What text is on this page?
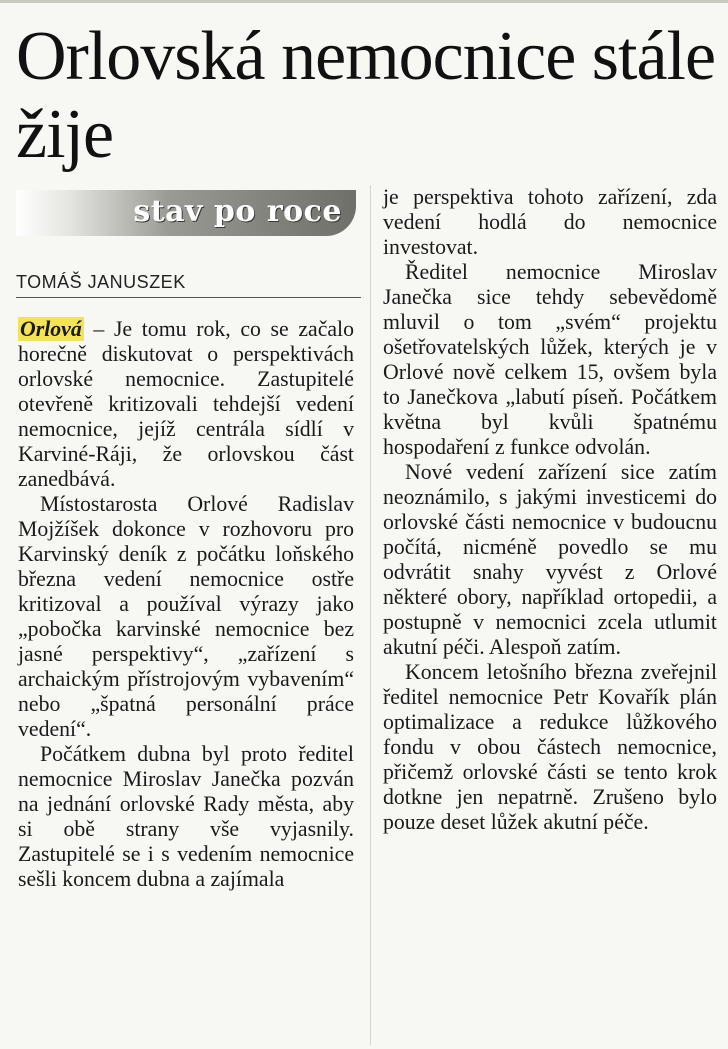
Orlovská nemocnice stále žije
stav po roce
TOMÁŠ JANUSZEK

Orlová – Je tomu rok, co se začalo horečně diskutovat o perspektivách orlovské nemocnice. Zastupitelé otevřeně kritizovali tehdejší vedení nemocnice, jejíž centrála sídlí v Karviné-Ráji, že orlovskou část zanedbává.

Místostarosta Orlové Radislav Mojžíšek dokonce v rozhovoru pro Karvinský deník z počátku loňského března vedení nemocnice ostře kritizoval a používal výrazy jako „pobočka karvinské nemocnice bez jasné perspektivy“, „zařízení s archaickým přístrojovým vybavením“ nebo „špatná personální práce vedení“.

Počátkem dubna byl proto ředitel nemocnice Miroslav Janečka pozván na jednání orlovské Rady města, aby si obě strany vše vyjasnily. Zastupitelé se i s vedením nemocnice sešli koncem dubna a zajímala

je perspektiva tohoto zařízení, zda vedení hodlá do nemocnice investovat.

Ředitel nemocnice Miroslav Janečka sice tehdy sebevědomě mluvil o tom „svém“ projektu ošetřovatelských lůžek, kterých je v Orlové nově celkem 15, ovšem byla to Janečkova „labutí píseň. Počátkem května byl kvůli špatnému hospodaření z funkce odvolán.

Nové vedení zařízení sice zatím neoznámilo, s jakými investicemi do orlovské části nemocnice v budoucnu počítá, nicméně povedlo se mu odvrátit snahy vyvést z Orlové některé obory, například ortopedii, a postupně v nemocnici zcela utlumit akutní péči. Alespoň zatím.

Koncem letošního března zveřejnil ředitel nemocnice Petr Kovařík plán optimalizace a redukce lůžkového fondu v obou částech nemocnice, přičemž orlovské části se tento krok dotkne jen nepatrně. Zrušeno bylo pouze deset lůžek akutní péče.
